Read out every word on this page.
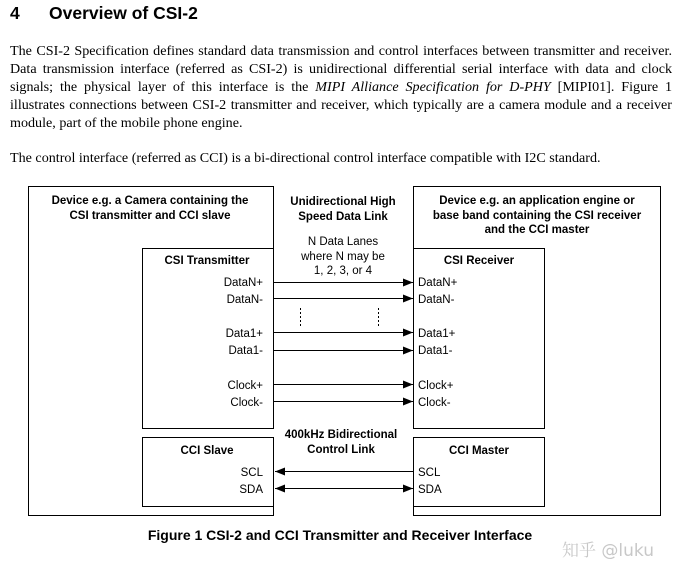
4 Overview of CSI-2

The CSI-2 Specification defines standard data transmission and control interfaces between transmitter and receiver. Data transmission interface (referred as CSI-2) is unidirectional differential serial interface with data and clock signals; the physical layer of this interface is the MIPI Alliance Specification for D-PHY [MIPI01]. Figure 1 illustrates connections between CSI-2 transmitter and receiver, which typically are a camera module and a receiver module, part of the mobile phone engine.

The control interface (referred as CCI) is a bi-directional control interface compatible with I2C standard.

Device e.g. a Camera containing the
CSI transmitter and CCI slave
Device e.g. an application engine or
base band containing the CSI receiver
and the CCI master
Unidirectional High
Speed Data Link
N Data Lanes
where N may be
1, 2, 3, or 4
CSI Transmitter	CSI Receiver
DataN+
DataN-
Data1+
Data1-
Clock+
Clock-
DataN+
DataN-
Data1+
Data1-
Clock+
Clock-
400kHz Bidirectional
Control Link
CCI Slave	CCI Master
SCL
SDA
SCL
SDA
Figure 1 CSI-2 and CCI Transmitter and Receiver Interface
知乎 @luku
